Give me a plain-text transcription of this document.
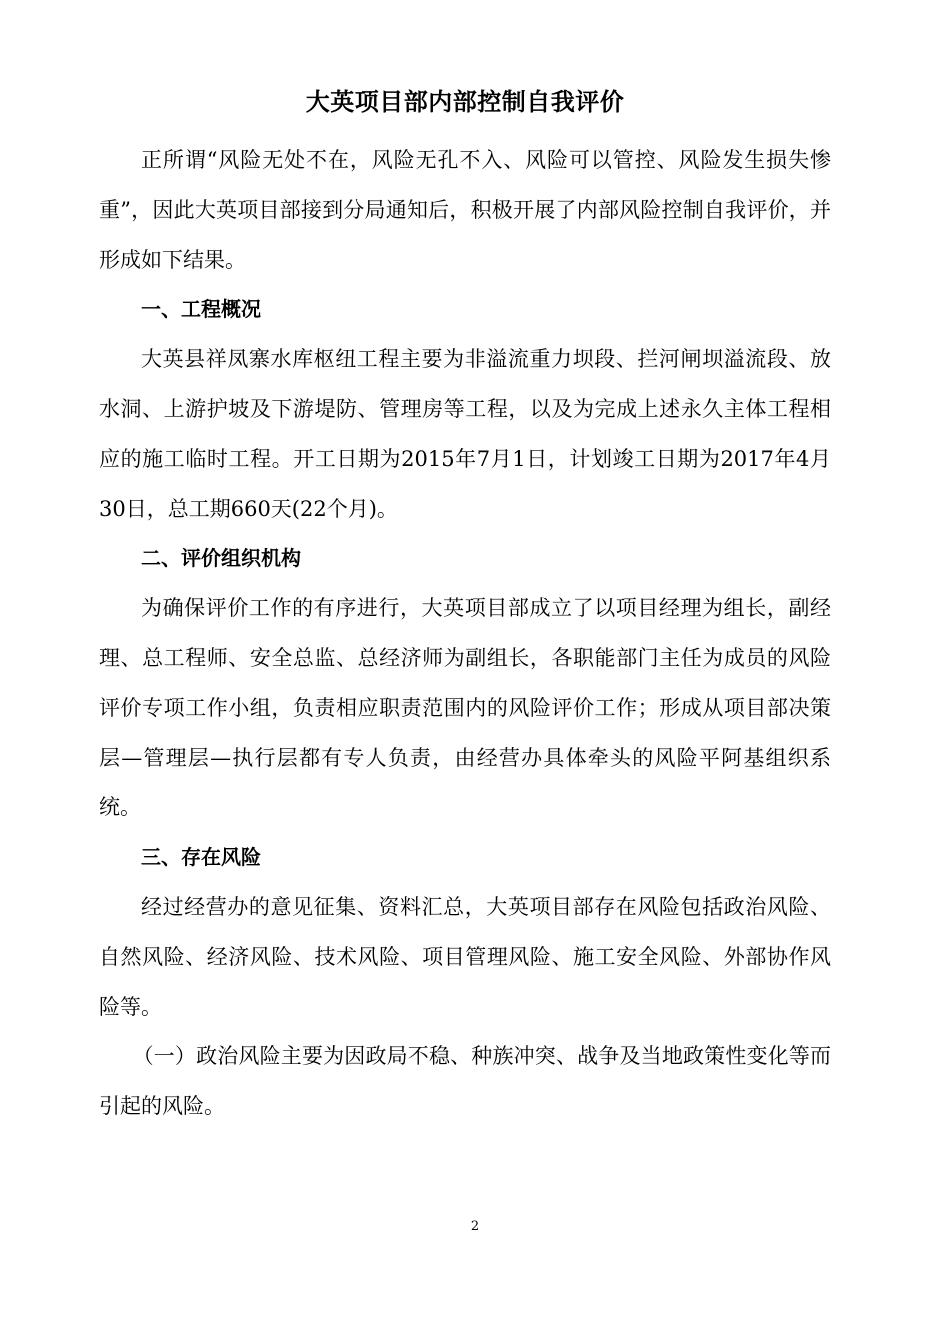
大英项目部内部控制自我评价

正所谓“风险无处不在，风险无孔不入、风险可以管控、风险发生损失惨重”，因此大英项目部接到分局通知后，积极开展了内部风险控制自我评价，并形成如下结果。

一、工程概况

大英县祥凤寨水库枢纽工程主要为非溢流重力坝段、拦河闸坝溢流段、放水洞、上游护坡及下游堤防、管理房等工程，以及为完成上述永久主体工程相应的施工临时工程。开工日期为2015年7月1日，计划竣工日期为2017年4月30日，总工期660天(22个月)。

二、评价组织机构

为确保评价工作的有序进行，大英项目部成立了以项目经理为组长，副经理、总工程师、安全总监、总经济师为副组长，各职能部门主任为成员的风险评价专项工作小组，负责相应职责范围内的风险评价工作；形成从项目部决策层—管理层—执行层都有专人负责，由经营办具体牵头的风险平阿基组织系统。

三、存在风险

经过经营办的意见征集、资料汇总，大英项目部存在风险包括政治风险、自然风险、经济风险、技术风险、项目管理风险、施工安全风险、外部协作风险等。

（一）政治风险主要为因政局不稳、种族冲突、战争及当地政策性变化等而引起的风险。

2
